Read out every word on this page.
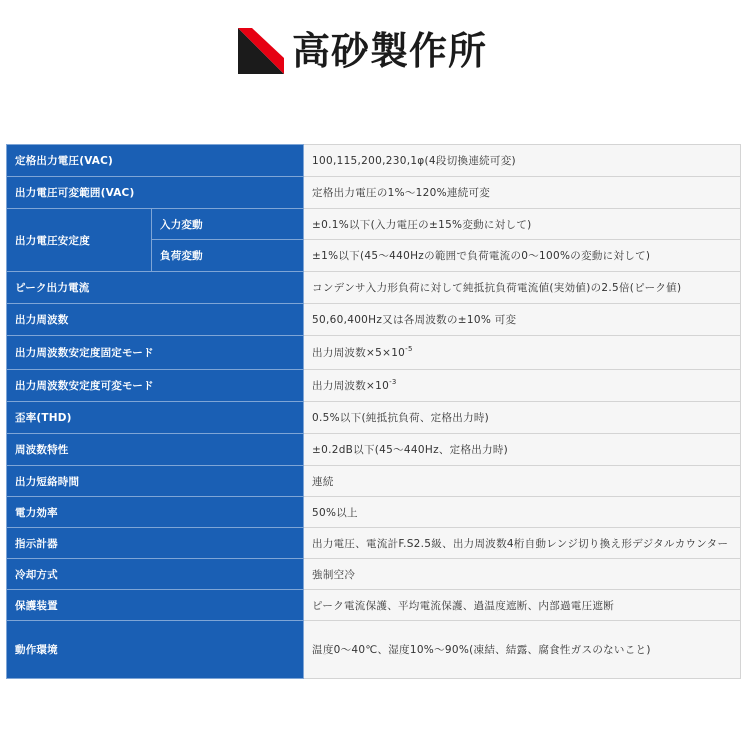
高砂製作所
定格出力電圧(VAC)		100,115,200,230,1φ(4段切換連続可変)
出力電圧可変範囲(VAC)		定格出力電圧の1%～120%連続可変
出力電圧安定度	入力変動	±0.1%以下(入力電圧の±15%変動に対して)
	負荷変動	±1%以下(45～440Hzの範囲で負荷電流の0～100%の変動に対して)
ピーク出力電流		コンデンサ入力形負荷に対して純抵抗負荷電流値(実効値)の2.5倍(ピーク値)
出力周波数		50,60,400Hz又は各周波数の±10% 可変
出力周波数安定度固定モード		出力周波数$\times 5\times 10^{-5}$
出力周波数安定度可変モード		出力周波数$\times 10^{-3}$
歪率(THD)		0.5%以下(純抵抗負荷、定格出力時)
周波数特性		±0.2dB以下(45～440Hz、定格出力時)
出力短絡時間		連続
電力効率		50%以上
指示計器		出力電圧、電流計F.S2.5級、出力周波数4桁自動レンジ切り換え形デジタルカウンター
冷却方式		強制空冷
保護装置		ピーク電流保護、平均電流保護、過温度遮断、内部過電圧遮断
動作環境		温度0～40℃、湿度10%～90%(凍結、結露、腐食性ガスのないこと)
